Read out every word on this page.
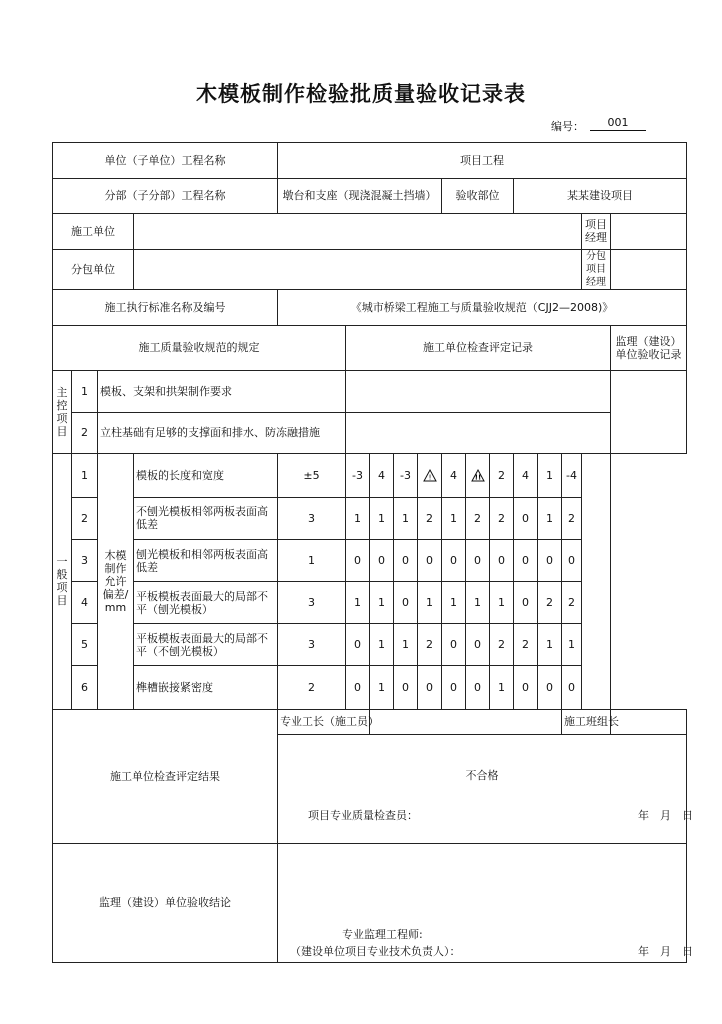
木模板制作检验批质量验收记录表
编号：	001
单位（子单位）工程名称				项目工程												
分部（子分部）工程名称				墩台和支座（现浇混凝土挡墙）					验收部位			某某建设项目				
施工单位															项目经理	
分包单位															分包项目经理	
施工执行标准名称及编号				《城市桥梁工程施工与质量验收规范（CJJ2—2008)》												
施工质量验收规范的规定					施工单位检查评定记录											监理（建设）单位验收记录
主控项目	1	模板、支架和拱架制作要求														
	2	立柱基础有足够的支撑面和排水、防冻融措施														
一般项目	1	木模制作允许偏差/mm	模板的长度和宽度	±5	-3	4	-3	!	4	!!	2	4	1	-4		
	2		不刨光模板相邻两板表面高低差	3	1	1	1	2	1	2	2	0	1	2		
	3		刨光模板和相邻两板表面高低差	1	0	0	0	0	0	0	0	0	0	0		
	4		平板模板表面最大的局部不平（刨光模板）	3	1	1	0	1	1	1	1	0	2	2		
	5		平板模板表面最大的局部不平（不刨光模板）	3	0	1	1	2	0	0	2	2	1	1		
	6		榫槽嵌接紧密度	2	0	1	0	0	0	0	1	0	0	0		
施工单位检查评定结果				专业工长（施工员）										施工班组长		
				不合格												

				项目专业质量检查员： 年　月　日												

监理（建设）单位验收结论				专业监理工程师:
（建设单位项目专业技术负责人）： 年　月　日												
